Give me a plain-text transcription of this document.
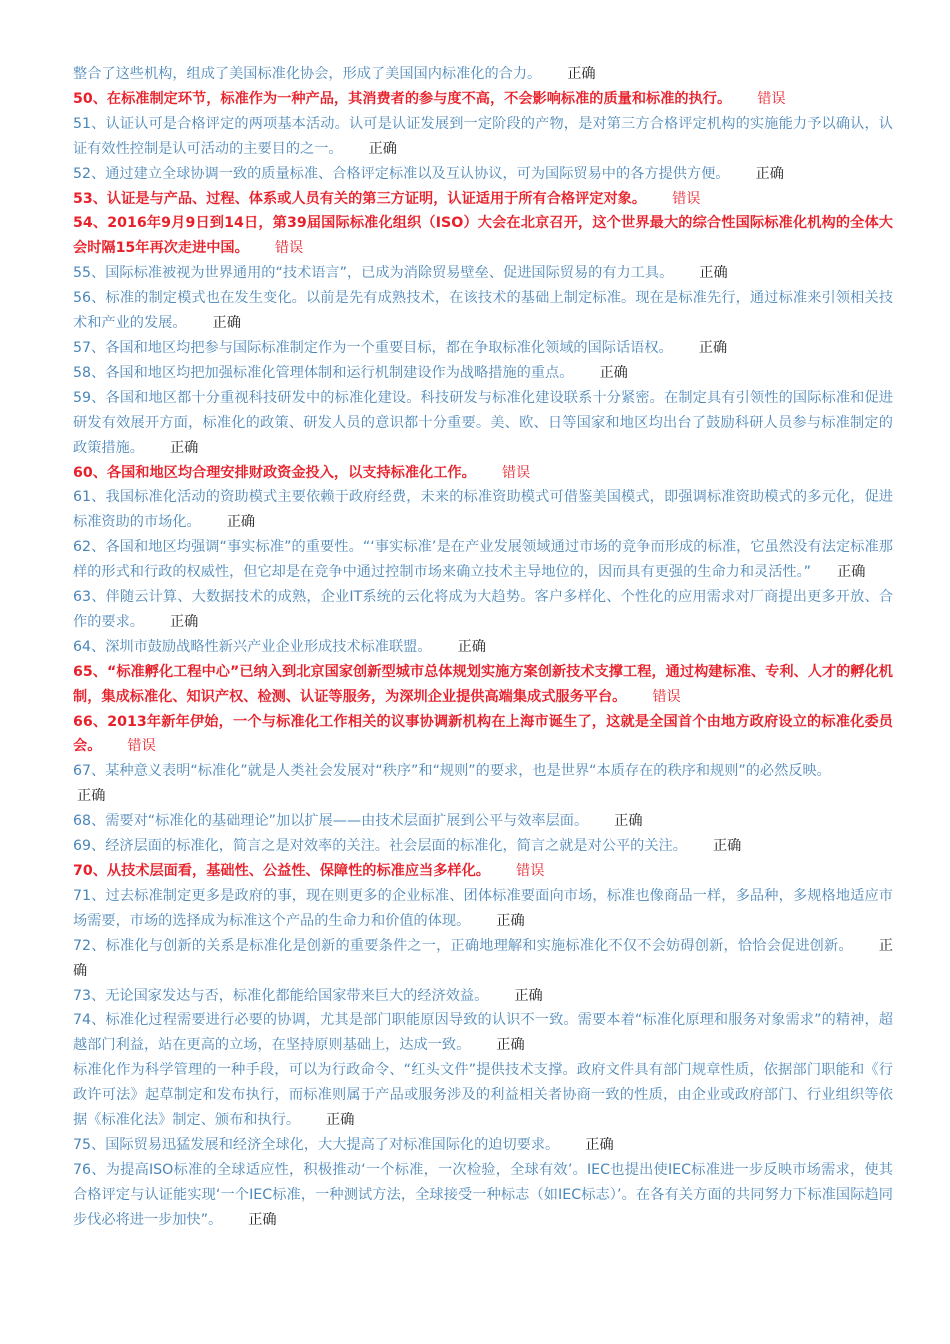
整合了这些机构，组成了美国标准化协会，形成了美国国内标准化的合力。 正确

50、在标准制定环节，标准作为一种产品，其消费者的参与度不高，不会影响标准的质量和标准的执行。 错误

51、认证认可是合格评定的两项基本活动。认可是认证发展到一定阶段的产物，是对第三方合格评定机构的实施能力予以确认，认证有效性控制是认可活动的主要目的之一。 正确

52、通过建立全球协调一致的质量标准、合格评定标准以及互认协议，可为国际贸易中的各方提供方便。 正确

53、认证是与产品、过程、体系或人员有关的第三方证明，认证适用于所有合格评定对象。 错误

54、2016年9月9日到14日，第39届国际标准化组织（ISO）大会在北京召开，这个世界最大的综合性国际标准化机构的全体大会时隔15年再次走进中国。 错误

55、国际标准被视为世界通用的“技术语言”，已成为消除贸易壁垒、促进国际贸易的有力工具。 正确

56、标准的制定模式也在发生变化。以前是先有成熟技术，在该技术的基础上制定标准。现在是标准先行，通过标准来引领相关技术和产业的发展。 正确

57、各国和地区均把参与国际标准制定作为一个重要目标，都在争取标准化领域的国际话语权。 正确

58、各国和地区均把加强标准化管理体制和运行机制建设作为战略措施的重点。 正确

59、各国和地区都十分重视科技研发中的标准化建设。科技研发与标准化建设联系十分紧密。在制定具有引领性的国际标准和促进研发有效展开方面，标准化的政策、研发人员的意识都十分重要。美、欧、日等国家和地区均出台了鼓励科研人员参与标准制定的政策措施。 正确

60、各国和地区均合理安排财政资金投入，以支持标准化工作。 错误

61、我国标准化活动的资助模式主要依赖于政府经费，未来的标准资助模式可借鉴美国模式，即强调标准资助模式的多元化，促进标准资助的市场化。 正确

62、各国和地区均强调“事实标准”的重要性。“‘事实标准’是在产业发展领域通过市场的竞争而形成的标准，它虽然没有法定标准那样的形式和行政的权威性，但它却是在竞争中通过控制市场来确立技术主导地位的，因而具有更强的生命力和灵活性。” 正确

63、伴随云计算、大数据技术的成熟，企业IT系统的云化将成为大趋势。客户多样化、个性化的应用需求对厂商提出更多开放、合作的要求。 正确

64、深圳市鼓励战略性新兴产业企业形成技术标准联盟。 正确

65、“标准孵化工程中心”已纳入到北京国家创新型城市总体规划实施方案创新技术支撑工程，通过构建标准、专利、人才的孵化机制，集成标准化、知识产权、检测、认证等服务，为深圳企业提供高端集成式服务平台。 错误

66、2013年新年伊始，一个与标准化工作相关的议事协调新机构在上海市诞生了，这就是全国首个由地方政府设立的标准化委员会。 错误

67、某种意义表明“标准化”就是人类社会发展对“秩序”和“规则”的要求，也是世界“本质存在的秩序和规则”的必然反映。

正确

68、需要对“标准化的基础理论”加以扩展——由技术层面扩展到公平与效率层面。 正确

69、经济层面的标准化，简言之是对效率的关注。社会层面的标准化，简言之就是对公平的关注。 正确

70、从技术层面看，基础性、公益性、保障性的标准应当多样化。 错误

71、过去标准制定更多是政府的事，现在则更多的企业标准、团体标准要面向市场，标准也像商品一样，多品种，多规格地适应市场需要，市场的选择成为标准这个产品的生命力和价值的体现。 正确

72、标准化与创新的关系是标准化是创新的重要条件之一，正确地理解和实施标准化不仅不会妨碍创新，恰恰会促进创新。 正确

73、无论国家发达与否，标准化都能给国家带来巨大的经济效益。 正确

74、标准化过程需要进行必要的协调，尤其是部门职能原因导致的认识不一致。需要本着“标准化原理和服务对象需求”的精神，超越部门利益，站在更高的立场，在坚持原则基础上，达成一致。 正确

标准化作为科学管理的一种手段，可以为行政命令、“红头文件”提供技术支撑。政府文件具有部门规章性质，依据部门职能和《行政许可法》起草制定和发布执行，而标准则属于产品或服务涉及的利益相关者协商一致的性质，由企业或政府部门、行业组织等依据《标准化法》制定、颁布和执行。 正确

75、国际贸易迅猛发展和经济全球化，大大提高了对标准国际化的迫切要求。 正确

76、为提高ISO标准的全球适应性，积极推动‘一个标准，一次检验，全球有效’。IEC也提出使IEC标准进一步反映市场需求，使其合格评定与认证能实现‘一个IEC标准，一种测试方法，全球接受一种标志（如IEC标志）’。在各有关方面的共同努力下标准国际趋同步伐必将进一步加快”。 正确
